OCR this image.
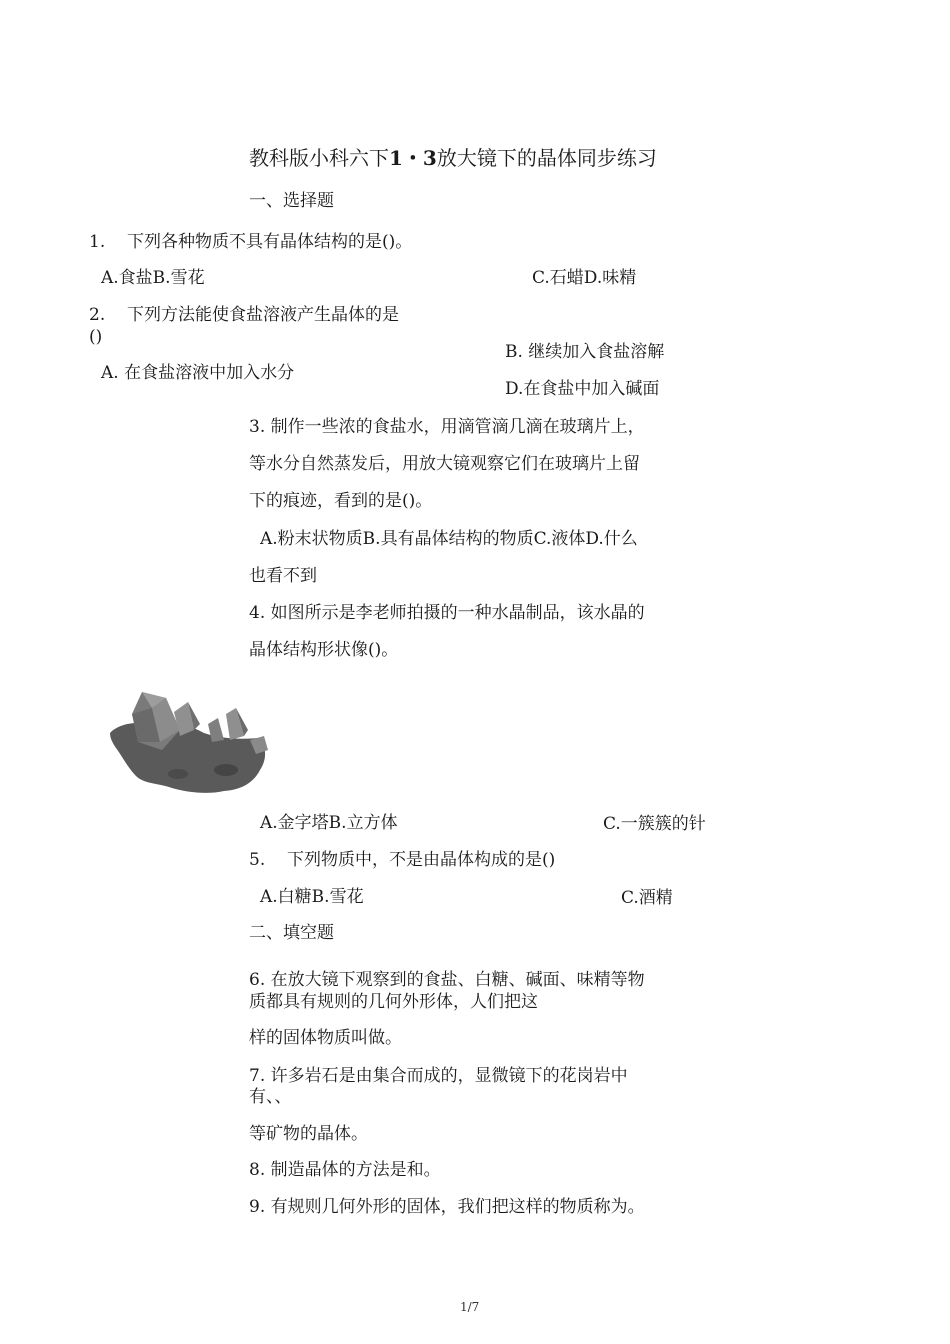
教科版小科六下1・3放大镜下的晶体同步练习
一、选择题
1. 下列各种物质不具有晶体结构的是()。
A.食盐B.雪花	C.石蜡D.味精
2. 下列方法能使食盐溶液产生晶体的是
()
B. 继续加入食盐溶解
A. 在食盐溶液中加入水分
D.在食盐中加入碱面
3. 制作一些浓的食盐水，用滴管滴几滴在玻璃片上，
等水分自然蒸发后，用放大镜观察它们在玻璃片上留
下的痕迹，看到的是()。
A.粉末状物质B.具有晶体结构的物质C.液体D.什么
也看不到
4. 如图所示是李老师拍摄的一种水晶制品，该水晶的
晶体结构形状像()。
A.金字塔B.立方体	C.一簇簇的针
5. 下列物质中，不是由晶体构成的是()
A.白糖B.雪花	C.酒精
二、填空题
6. 在放大镜下观察到的食盐、白糖、碱面、味精等物
质都具有规则的几何外形体，人们把这
样的固体物质叫做。
7. 许多岩石是由集合而成的，显微镜下的花岗岩中
有、、
等矿物的晶体。
8. 制造晶体的方法是和。
9. 有规则几何外形的固体，我们把这样的物质称为。
1/7
